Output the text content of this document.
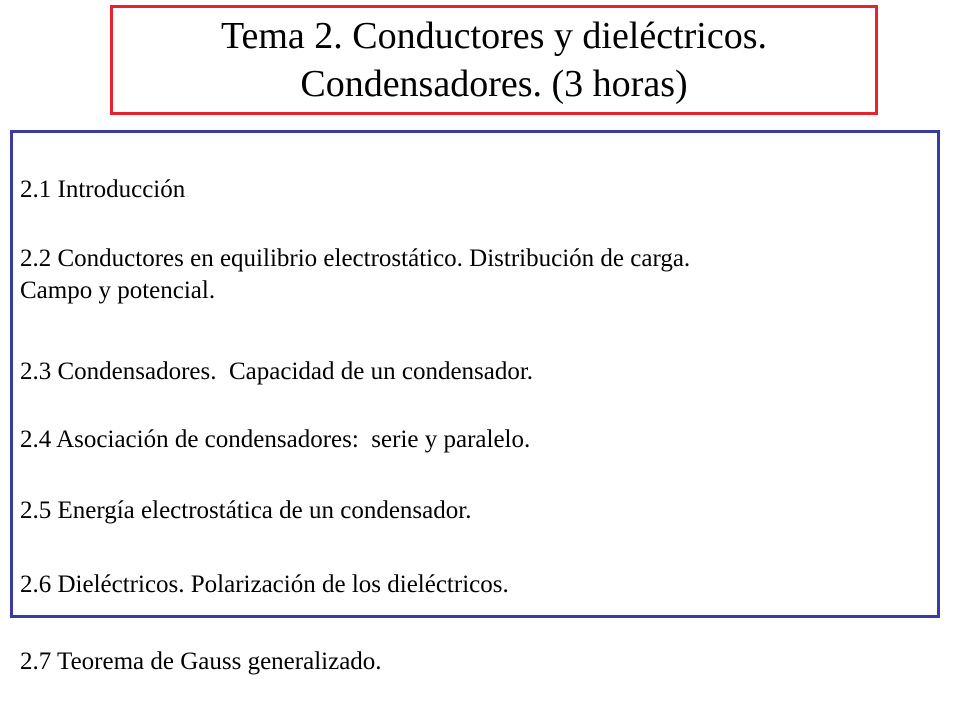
Tema 2. Conductores y dieléctricos.
Condensadores. (3 horas)
2.1 Introducción
2.2 Conductores en equilibrio electrostático. Distribución de carga.
Campo y potencial.
2.3 Condensadores.  Capacidad de un condensador.
2.4 Asociación de condensadores:  serie y paralelo.
2.5 Energía electrostática de un condensador.
2.6 Dieléctricos. Polarización de los dieléctricos.
2.7 Teorema de Gauss generalizado.
